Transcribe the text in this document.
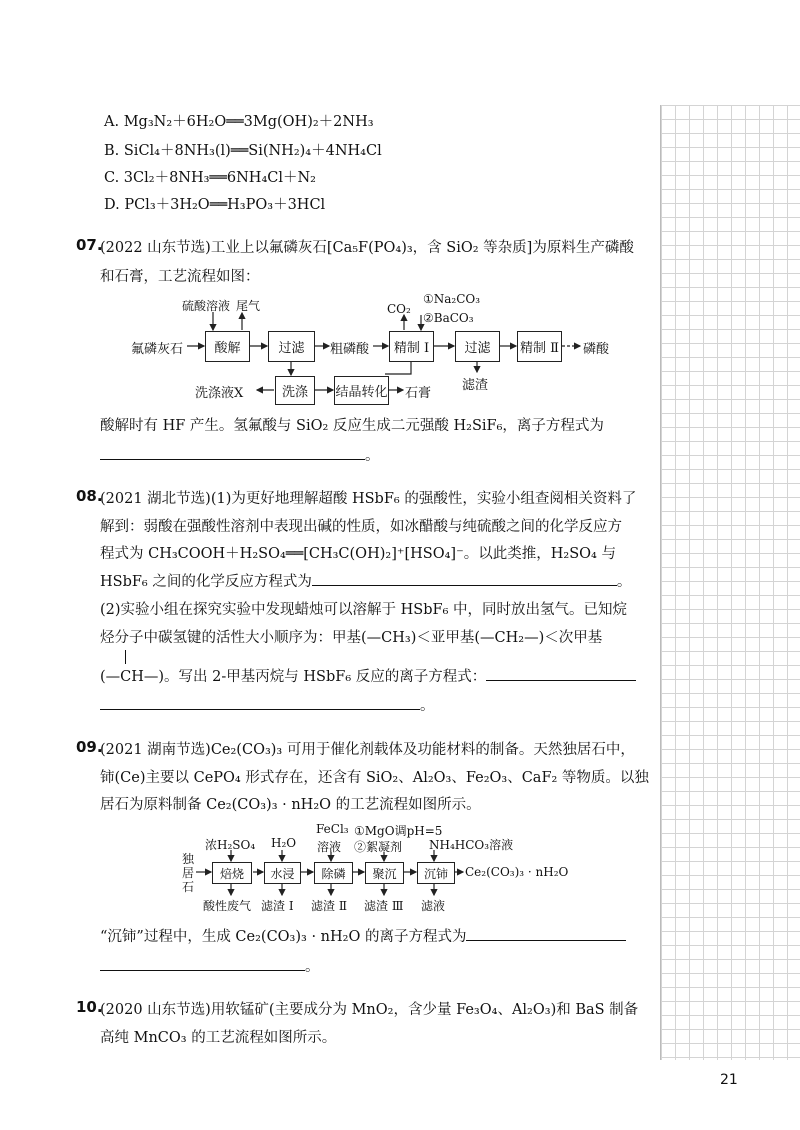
A. Mg₃N₂＋6H₂O══3Mg(OH)₂＋2NH₃
B. SiCl₄＋8NH₃(l)══Si(NH₂)₄＋4NH₄Cl
C. 3Cl₂＋8NH₃══6NH₄Cl＋N₂
D. PCl₃＋3H₂O══H₃PO₃＋3HCl
07.
(2022 山东节选)工业上以氟磷灰石[Ca₅F(PO₄)₃，含 SiO₂ 等杂质]为原料生产磷酸
和石膏，工艺流程如图：
氟磷灰石	酸解	过滤	粗磷酸	精制 Ⅰ	过滤	精制 Ⅱ 磷酸
洗涤	结晶转化 石膏
洗涤液X
滤渣
硫酸溶液 尾气	CO₂
①Na₂CO₃
②BaCO₃
酸解时有 HF 产生。氢氟酸与 SiO₂ 反应生成二元强酸 H₂SiF₆，离子方程式为
。
08.
(2021 湖北节选)(1)为更好地理解超酸 HSbF₆ 的强酸性，实验小组查阅相关资料了
解到：弱酸在强酸性溶剂中表现出碱的性质，如冰醋酸与纯硫酸之间的化学反应方
程式为 CH₃COOH＋H₂SO₄══[CH₃C(OH)₂]⁺[HSO₄]⁻。以此类推，H₂SO₄ 与
HSbF₆ 之间的化学反应方程式为	。
(2)实验小组在探究实验中发现蜡烛可以溶解于 HSbF₆ 中，同时放出氢气。已知烷
烃分子中碳氢键的活性大小顺序为：甲基(—CH₃)＜亚甲基(—CH₂—)＜次甲基
(—CH—)。写出 2-甲基丙烷与 HSbF₆ 反应的离子方程式：
。
09.
(2021 湖南节选)Ce₂(CO₃)₃ 可用于催化剂载体及功能材料的制备。天然独居石中，
铈(Ce)主要以 CePO₄ 形式存在，还含有 SiO₂、Al₂O₃、Fe₂O₃、CaF₂ 等物质。以独
居石为原料制备 Ce₂(CO₃)₃ · nH₂O 的工艺流程如图所示。
独
居
石
焙烧	水浸	除磷	聚沉	沉铈	Ce₂(CO₃)₃ · nH₂O
浓H₂SO₄ H₂O
FeCl₃
溶液
①MgO调pH=5
②絮凝剂 NH₄HCO₃溶液
酸性废气 滤渣 Ⅰ 滤渣 Ⅱ 滤渣 Ⅲ 滤液
“沉铈”过程中，生成 Ce₂(CO₃)₃ · nH₂O 的离子方程式为
。
10.
(2020 山东节选)用软锰矿(主要成分为 MnO₂，含少量 Fe₃O₄、Al₂O₃)和 BaS 制备
高纯 MnCO₃ 的工艺流程如图所示。
21
